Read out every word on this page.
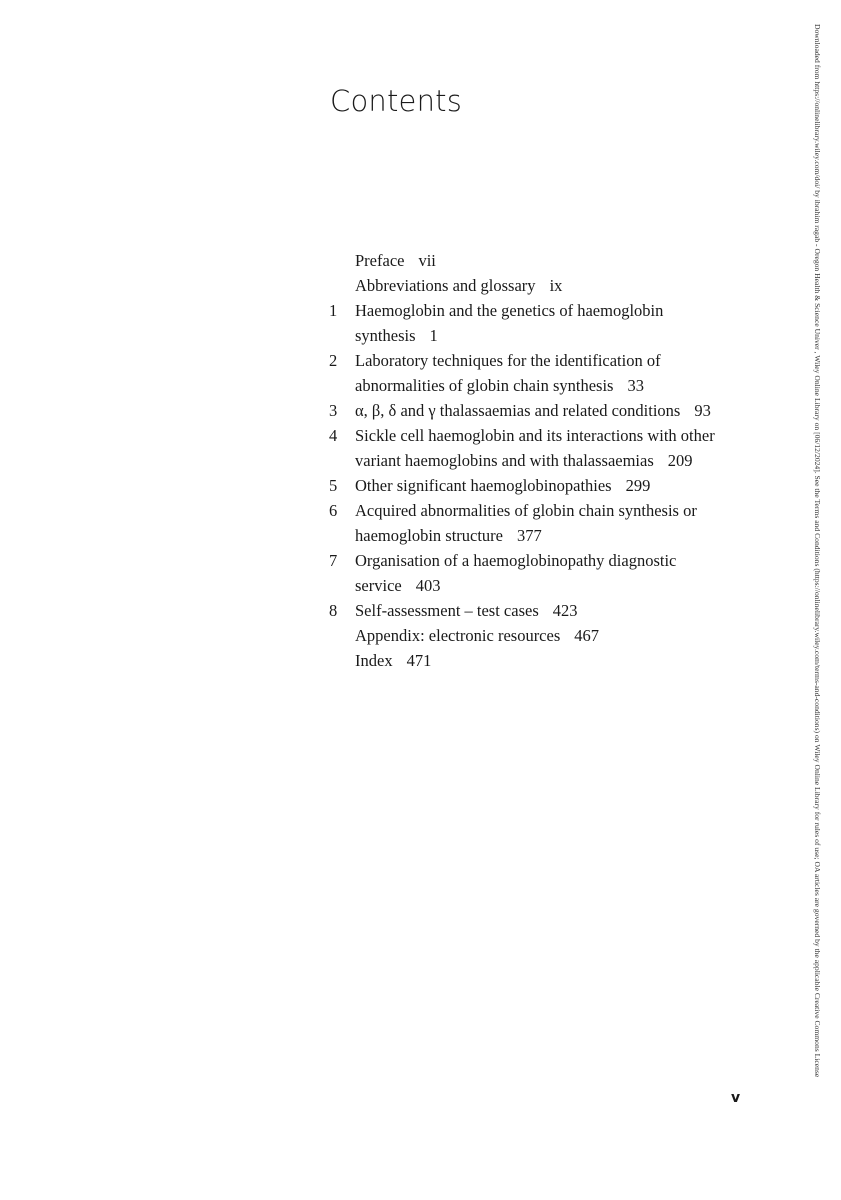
Contents
Preface vii
Abbreviations and glossary ix
1	Haemoglobin and the genetics of haemoglobin synthesis 1
2	Laboratory techniques for the identification of abnormalities of globin chain synthesis 33
3	α, β, δ and γ thalassaemias and related conditions 93
4	Sickle cell haemoglobin and its interactions with other variant haemoglobins and with thalassaemias 209
5	Other significant haemoglobinopathies 299
6	Acquired abnormalities of globin chain synthesis or haemoglobin structure 377
7	Organisation of a haemoglobinopathy diagnostic service 403
8	Self-assessment – test cases 423
Appendix: electronic resources 467
Index 471
v
Downloaded from https://onlinelibrary.wiley.com/doi/ by ibrahim ragab - Oregon Health & Science Univer , Wiley Online Library on [06/12/2024]. See the Terms and Conditions (https://onlinelibrary.wiley.com/terms-and-conditions) on Wiley Online Library for rules of use; OA articles are governed by the applicable Creative Commons License
